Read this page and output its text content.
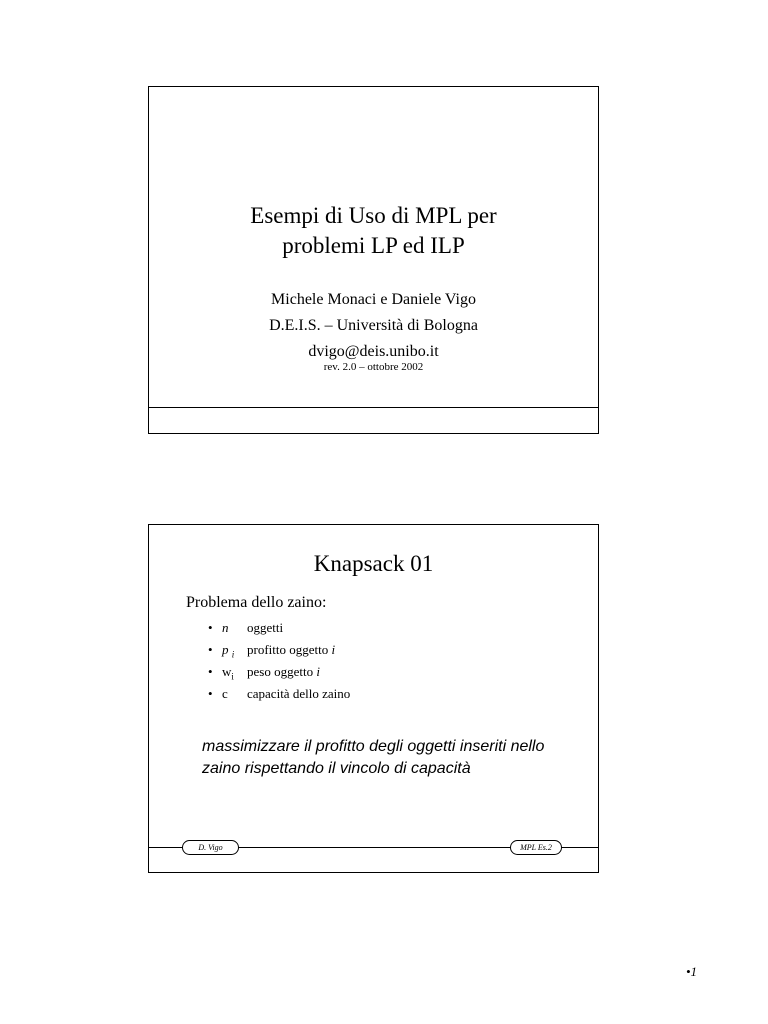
Esempi di Uso di MPL per
problemi LP ed ILP
Michele Monaci e Daniele Vigo
D.E.I.S. – Università di Bologna
dvigo@deis.unibo.it
rev. 2.0 – ottobre 2002
Knapsack 01
Problema dello zaino:
• n oggetti
• p $_i$ profitto oggetto i
• $w_i$ peso oggetto i
• c capacità dello zaino
massimizzare il profitto degli oggetti inseriti nello
zaino rispettando il vincolo di capacità
D. Vigo	MPL Es.2
•1
